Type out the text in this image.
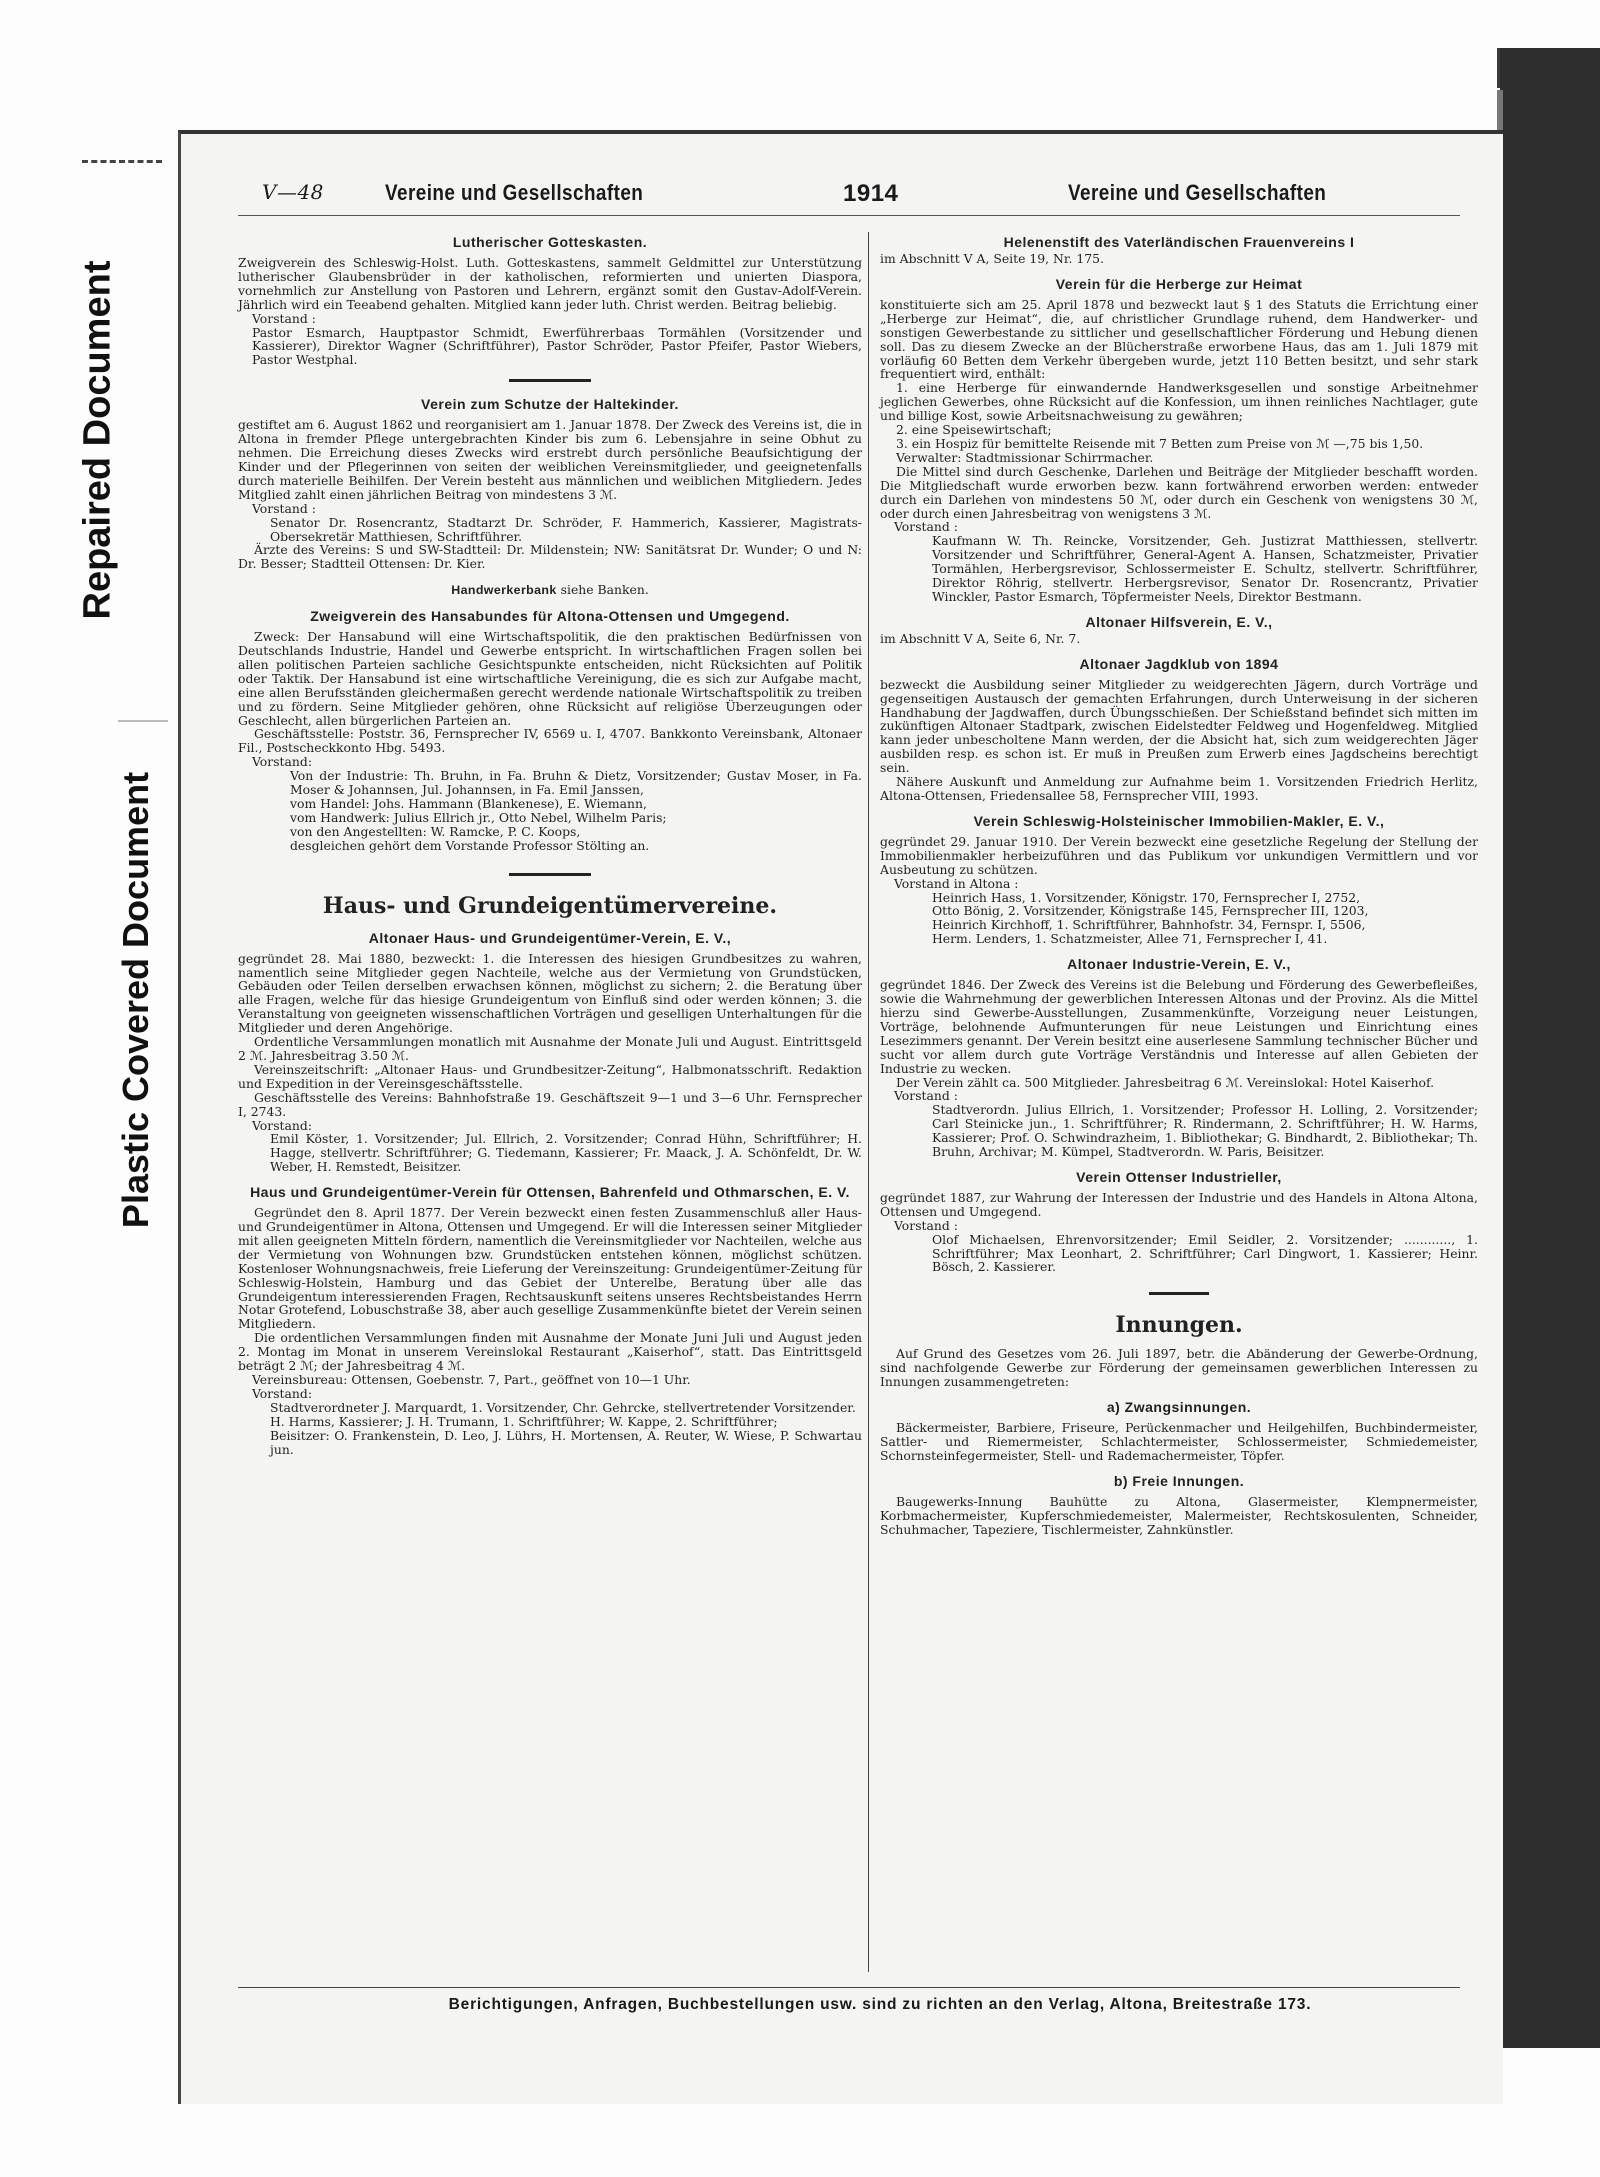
Repaired Document
Plastic Covered Document
V—48	Vereine und Gesellschaften	1914	Vereine und Gesellschaften
Lutherischer Gotteskasten.

Zweigverein des Schleswig-Holst. Luth. Gotteskastens, sammelt Geldmittel zur Unterstützung lutherischer Glaubensbrüder in der katholischen, reformierten und unierten Diaspora, vornehmlich zur Anstellung von Pastoren und Lehrern, ergänzt somit den Gustav-Adolf-Verein. Jährlich wird ein Teeabend gehalten. Mitglied kann jeder luth. Christ werden. Beitrag beliebig.

Vorstand :

Pastor Esmarch, Hauptpastor Schmidt, Ewerführerbaas Tormählen (Vorsitzender und Kassierer), Direktor Wagner (Schriftführer), Pastor Schröder, Pastor Pfeifer, Pastor Wiebers, Pastor Westphal.

Verein zum Schutze der Haltekinder.

gestiftet am 6. August 1862 und reorganisiert am 1. Januar 1878. Der Zweck des Vereins ist, die in Altona in fremder Pflege untergebrachten Kinder bis zum 6. Lebensjahre in seine Obhut zu nehmen. Die Erreichung dieses Zwecks wird erstrebt durch persönliche Beaufsichtigung der Kinder und der Pflegerinnen von seiten der weiblichen Vereinsmitglieder, und geeignetenfalls durch materielle Beihilfen. Der Verein besteht aus männlichen und weiblichen Mitgliedern. Jedes Mitglied zahlt einen jährlichen Beitrag von mindestens 3 ℳ.

Vorstand :

Senator Dr. Rosencrantz, Stadtarzt Dr. Schröder, F. Hammerich, Kassierer, Magistrats-Obersekretär Matthiesen, Schriftführer.

Ärzte des Vereins: S und SW-Stadtteil: Dr. Mildenstein; NW: Sanitätsrat Dr. Wunder; O und N: Dr. Besser; Stadtteil Ottensen: Dr. Kier.

Handwerkerbank siehe Banken.

Zweigverein des Hansabundes für Altona-Ottensen und Umgegend.

Zweck: Der Hansabund will eine Wirtschaftspolitik, die den praktischen Bedürfnissen von Deutschlands Industrie, Handel und Gewerbe entspricht. In wirtschaftlichen Fragen sollen bei allen politischen Parteien sachliche Gesichtspunkte entscheiden, nicht Rücksichten auf Politik oder Taktik. Der Hansabund ist eine wirtschaftliche Vereinigung, die es sich zur Aufgabe macht, eine allen Berufsständen gleichermaßen gerecht werdende nationale Wirtschaftspolitik zu treiben und zu fördern. Seine Mitglieder gehören, ohne Rücksicht auf religiöse Überzeugungen oder Geschlecht, allen bürgerlichen Parteien an.

Geschäftsstelle: Poststr. 36, Fernsprecher IV, 6569 u. I, 4707. Bankkonto Vereinsbank, Altonaer Fil., Postscheckkonto Hbg. 5493.

Vorstand:

Von der Industrie: Th. Bruhn, in Fa. Bruhn & Dietz, Vorsitzender; Gustav Moser, in Fa. Moser & Johannsen, Jul. Johannsen, in Fa. Emil Janssen,

vom Handel: Johs. Hammann (Blankenese), E. Wiemann,

vom Handwerk: Julius Ellrich jr., Otto Nebel, Wilhelm Paris;

von den Angestellten: W. Ramcke, P. C. Koops,

desgleichen gehört dem Vorstande Professor Stölting an.

Haus- und Grundeigentümervereine.
Altonaer Haus- und Grundeigentümer-Verein, E. V.,

gegründet 28. Mai 1880, bezweckt: 1. die Interessen des hiesigen Grundbesitzes zu wahren, namentlich seine Mitglieder gegen Nachteile, welche aus der Vermietung von Grundstücken, Gebäuden oder Teilen derselben erwachsen können, möglichst zu sichern; 2. die Beratung über alle Fragen, welche für das hiesige Grundeigentum von Einfluß sind oder werden können; 3. die Veranstaltung von geeigneten wissenschaftlichen Vorträgen und geselligen Unterhaltungen für die Mitglieder und deren Angehörige.

Ordentliche Versammlungen monatlich mit Ausnahme der Monate Juli und August. Eintrittsgeld 2 ℳ. Jahresbeitrag 3.50 ℳ.

Vereinszeitschrift: „Altonaer Haus- und Grundbesitzer-Zeitung“, Halbmonatsschrift. Redaktion und Expedition in der Vereinsgeschäftsstelle.

Geschäftsstelle des Vereins: Bahnhofstraße 19. Geschäftszeit 9—1 und 3—6 Uhr. Fernsprecher I, 2743.

Vorstand:

Emil Köster, 1. Vorsitzender; Jul. Ellrich, 2. Vorsitzender; Conrad Hühn, Schriftführer; H. Hagge, stellvertr. Schriftführer; G. Tiedemann, Kassierer; Fr. Maack, J. A. Schönfeldt, Dr. W. Weber, H. Remstedt, Beisitzer.

Haus und Grundeigentümer-Verein für Ottensen, Bahrenfeld und Othmarschen, E. V.

Gegründet den 8. April 1877. Der Verein bezweckt einen festen Zusammenschluß aller Haus- und Grundeigentümer in Altona, Ottensen und Umgegend. Er will die Interessen seiner Mitglieder mit allen geeigneten Mitteln fördern, namentlich die Vereinsmitglieder vor Nachteilen, welche aus der Vermietung von Wohnungen bzw. Grundstücken entstehen können, möglichst schützen. Kostenloser Wohnungsnachweis, freie Lieferung der Vereinszeitung: Grundeigentümer-Zeitung für Schleswig-Holstein, Hamburg und das Gebiet der Unterelbe, Beratung über alle das Grundeigentum interessierenden Fragen, Rechtsauskunft seitens unseres Rechtsbeistandes Herrn Notar Grotefend, Lobuschstraße 38, aber auch gesellige Zusammenkünfte bietet der Verein seinen Mitgliedern.

Die ordentlichen Versammlungen finden mit Ausnahme der Monate Juni Juli und August jeden 2. Montag im Monat in unserem Vereinslokal Restaurant „Kaiserhof“, statt. Das Eintrittsgeld beträgt 2 ℳ; der Jahresbeitrag 4 ℳ.

Vereinsbureau: Ottensen, Goebenstr. 7, Part., geöffnet von 10—1 Uhr.

Vorstand:

Stadtverordneter J. Marquardt, 1. Vorsitzender, Chr. Gehrcke, stellvertretender Vorsitzender.

H. Harms, Kassierer; J. H. Trumann, 1. Schriftführer; W. Kappe, 2. Schriftführer;

Beisitzer: O. Frankenstein, D. Leo, J. Lührs, H. Mortensen, A. Reuter, W. Wiese, P. Schwartau jun.

Helenenstift des Vaterländischen Frauenvereins I

im Abschnitt V A, Seite 19, Nr. 175.

Verein für die Herberge zur Heimat

konstituierte sich am 25. April 1878 und bezweckt laut § 1 des Statuts die Errichtung einer „Herberge zur Heimat“, die, auf christlicher Grundlage ruhend, dem Handwerker- und sonstigen Gewerbestande zu sittlicher und gesellschaftlicher Förderung und Hebung dienen soll. Das zu diesem Zwecke an der Blücherstraße erworbene Haus, das am 1. Juli 1879 mit vorläufig 60 Betten dem Verkehr übergeben wurde, jetzt 110 Betten besitzt, und sehr stark frequentiert wird, enthält:

1. eine Herberge für einwandernde Handwerksgesellen und sonstige Arbeitnehmer jeglichen Gewerbes, ohne Rücksicht auf die Konfession, um ihnen reinliches Nachtlager, gute und billige Kost, sowie Arbeitsnachweisung zu gewähren;

2. eine Speisewirtschaft;

3. ein Hospiz für bemittelte Reisende mit 7 Betten zum Preise von ℳ —,75 bis 1,50.

Verwalter: Stadtmissionar Schirrmacher.

Die Mittel sind durch Geschenke, Darlehen und Beiträge der Mitglieder beschafft worden. Die Mitgliedschaft wurde erworben bezw. kann fortwährend erworben werden: entweder durch ein Darlehen von mindestens 50 ℳ, oder durch ein Geschenk von wenigstens 30 ℳ, oder durch einen Jahresbeitrag von wenigstens 3 ℳ.

Vorstand :

Kaufmann W. Th. Reincke, Vorsitzender, Geh. Justizrat Matthiessen, stellvertr. Vorsitzender und Schriftführer, General-Agent A. Hansen, Schatzmeister, Privatier Tormählen, Herbergsrevisor, Schlossermeister E. Schultz, stellvertr. Schriftführer, Direktor Röhrig, stellvertr. Herbergsrevisor, Senator Dr. Rosencrantz, Privatier Winckler, Pastor Esmarch, Töpfermeister Neels, Direktor Bestmann.

Altonaer Hilfsverein, E. V.,

im Abschnitt V A, Seite 6, Nr. 7.

Altonaer Jagdklub von 1894

bezweckt die Ausbildung seiner Mitglieder zu weidgerechten Jägern, durch Vorträge und gegenseitigen Austausch der gemachten Erfahrungen, durch Unterweisung in der sicheren Handhabung der Jagdwaffen, durch Übungsschießen. Der Schießstand befindet sich mitten im zukünftigen Altonaer Stadtpark, zwischen Eidelstedter Feldweg und Hogenfeldweg. Mitglied kann jeder unbescholtene Mann werden, der die Absicht hat, sich zum weidgerechten Jäger ausbilden resp. es schon ist. Er muß in Preußen zum Erwerb eines Jagdscheins berechtigt sein.

Nähere Auskunft und Anmeldung zur Aufnahme beim 1. Vorsitzenden Friedrich Herlitz, Altona-Ottensen, Friedensallee 58, Fernsprecher VIII, 1993.

Verein Schleswig-Holsteinischer Immobilien-Makler, E. V.,

gegründet 29. Januar 1910. Der Verein bezweckt eine gesetzliche Regelung der Stellung der Immobilienmakler herbeizuführen und das Publikum vor unkundigen Vermittlern und vor Ausbeutung zu schützen.

Vorstand in Altona :

Heinrich Hass, 1. Vorsitzender, Königstr. 170, Fernsprecher I, 2752,

Otto Bönig, 2. Vorsitzender, Königstraße 145, Fernsprecher III, 1203,

Heinrich Kirchhoff, 1. Schriftführer, Bahnhofstr. 34, Fernspr. I, 5506,

Herm. Lenders, 1. Schatzmeister, Allee 71, Fernsprecher I, 41.

Altonaer Industrie-Verein, E. V.,

gegründet 1846. Der Zweck des Vereins ist die Belebung und Förderung des Gewerbefleißes, sowie die Wahrnehmung der gewerblichen Interessen Altonas und der Provinz. Als die Mittel hierzu sind Gewerbe-Ausstellungen, Zusammenkünfte, Vorzeigung neuer Leistungen, Vorträge, belohnende Aufmunterungen für neue Leistungen und Einrichtung eines Lesezimmers genannt. Der Verein besitzt eine auserlesene Sammlung technischer Bücher und sucht vor allem durch gute Vorträge Verständnis und Interesse auf allen Gebieten der Industrie zu wecken.

Der Verein zählt ca. 500 Mitglieder. Jahresbeitrag 6 ℳ. Vereinslokal: Hotel Kaiserhof.

Vorstand :

Stadtverordn. Julius Ellrich, 1. Vorsitzender; Professor H. Lolling, 2. Vorsitzender; Carl Steinicke jun., 1. Schriftführer; R. Rindermann, 2. Schriftführer; H. W. Harms, Kassierer; Prof. O. Schwindrazheim, 1. Bibliothekar; G. Bindhardt, 2. Bibliothekar; Th. Bruhn, Archivar; M. Kümpel, Stadtverordn. W. Paris, Beisitzer.

Verein Ottenser Industrieller,

gegründet 1887, zur Wahrung der Interessen der Industrie und des Handels in Altona Altona, Ottensen und Umgegend.

Vorstand :

Olof Michaelsen, Ehrenvorsitzender; Emil Seidler, 2. Vorsitzender; ............, 1. Schriftführer; Max Leonhart, 2. Schriftführer; Carl Dingwort, 1. Kassierer; Heinr. Bösch, 2. Kassierer.

Innungen.

Auf Grund des Gesetzes vom 26. Juli 1897, betr. die Abänderung der Gewerbe-Ordnung, sind nachfolgende Gewerbe zur Förderung der gemeinsamen gewerblichen Interessen zu Innungen zusammengetreten:

a) Zwangsinnungen.

Bäckermeister, Barbiere, Friseure, Perückenmacher und Heilgehilfen, Buchbindermeister, Sattler- und Riemermeister, Schlachtermeister, Schlossermeister, Schmiedemeister, Schornsteinfegermeister, Stell- und Rademachermeister, Töpfer.

b) Freie Innungen.

Baugewerks-Innung Bauhütte zu Altona, Glasermeister, Klempnermeister, Korbmachermeister, Kupferschmiedemeister, Malermeister, Rechtskosulenten, Schneider, Schuhmacher, Tapeziere, Tischlermeister, Zahnkünstler.

Berichtigungen, Anfragen, Buchbestellungen usw. sind zu richten an den Verlag, Altona, Breitestraße 173.
